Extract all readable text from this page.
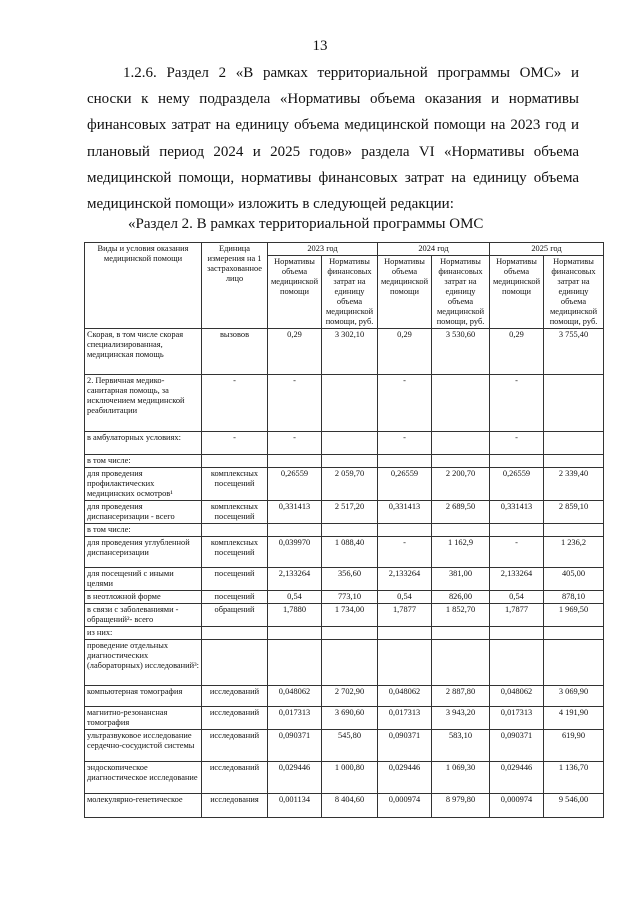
13

1.2.6. Раздел 2 «В рамках территориальной программы ОМС» и сноски к нему подраздела «Нормативы объема оказания и нормативы финансовых затрат на единицу объема медицинской помощи на 2023 год и плановый период 2024 и 2025 годов» раздела VI «Нормативы объема медицинской помощи, нормативы финансовых затрат на единицу объема медицинской помощи» изложить в следующей редакции:

«Раздел 2. В рамках территориальной программы ОМС

Виды и условия оказания медицинской помощи	Единица измерения на 1 застрахованное лицо	2023 год		2024 год		2025 год	
		Нормативы объема медицинской помощи	Нормативы финансовых затрат на единицу объема медицинской помощи, руб.	Нормативы объема медицинской помощи	Нормативы финансовых затрат на единицу объема медицинской помощи, руб.	Нормативы объема медицинской помощи	Нормативы финансовых затрат на единицу объема медицинской помощи, руб.
Скорая, в том числе скорая специализированная, медицинская помощь	вызовов	0,29	3 302,10	0,29	3 530,60	0,29	3 755,40
2. Первичная медико-санитарная помощь, за исключением медицинской реабилитации	-	-		-		-	
в амбулаторных условиях:	-	-		-		-	
в том числе:							
для проведения профилактических медицинских осмотров¹	комплексных посещений	0,26559	2 059,70	0,26559	2 200,70	0,26559	2 339,40
для проведения диспансеризации - всего	комплексных посещений	0,331413	2 517,20	0,331413	2 689,50	0,331413	2 859,10
в том числе:							
для проведения углубленной диспансеризации	комплексных посещений	0,039970	1 088,40	-	1 162,9	-	1 236,2
для посещений с иными целями	посещений	2,133264	356,60	2,133264	381,00	2,133264	405,00
в неотложной форме	посещений	0,54	773,10	0,54	826,00	0,54	878,10
в связи с заболеваниями - обращений²- всего	обращений	1,7880	1 734,00	1,7877	1 852,70	1,7877	1 969,50
из них:							
проведение отдельных диагностических (лабораторных) исследований³:							
компьютерная томография	исследований	0,048062	2 702,90	0,048062	2 887,80	0,048062	3 069,90
магнитно-резонансная томография	исследований	0,017313	3 690,60	0,017313	3 943,20	0,017313	4 191,90
ультразвуковое исследование сердечно-сосудистой системы	исследований	0,090371	545,80	0,090371	583,10	0,090371	619,90
эндоскопическое диагностическое исследование	исследований	0,029446	1 000,80	0,029446	1 069,30	0,029446	1 136,70
молекулярно-генетическое	исследования	0,001134	8 404,60	0,000974	8 979,80	0,000974	9 546,00
